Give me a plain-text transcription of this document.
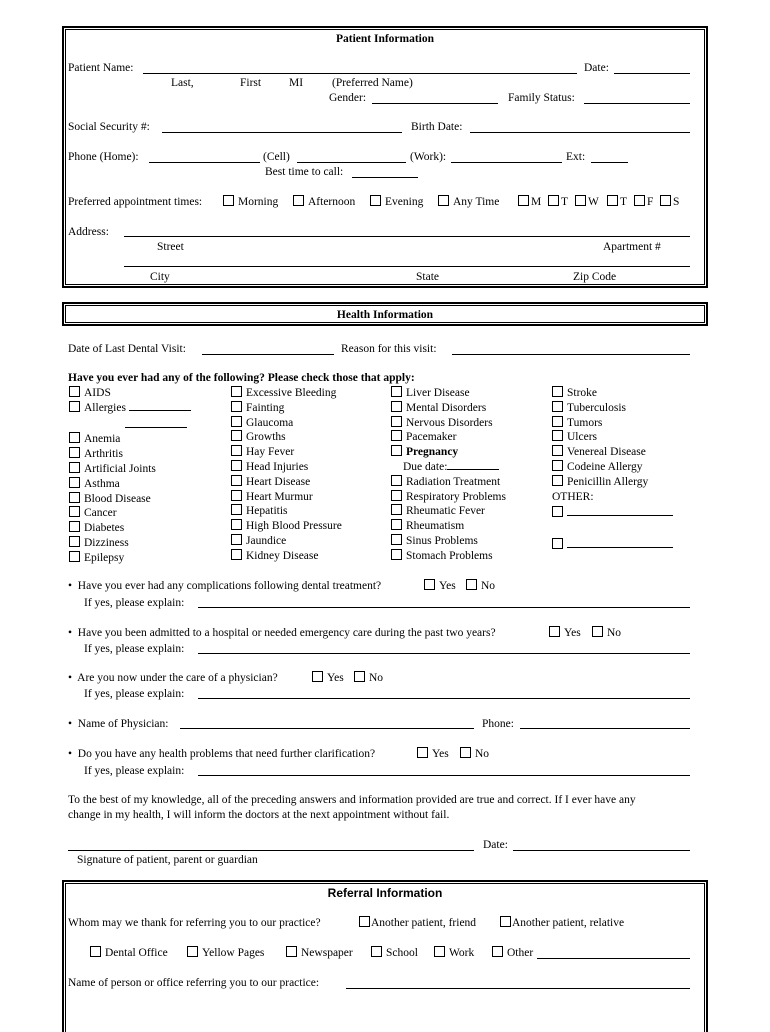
Patient Information
Patient Name:	Date:
Last,	First MI	(Preferred Name)
Gender:	Family Status:
Social Security #:	Birth Date:
Phone (Home):	(Cell)	(Work):	Ext:
Best time to call:
Preferred appointment times:	Morning	Afternoon	Evening	Any Time	M	T	W	T	F	S
Address:
Street	Apartment #
City	State	Zip Code
Health Information
Date of Last Dental Visit:	Reason for this visit:
Have you ever had any of the following? Please check those that apply:
AIDS
Allergies
Anemia
Arthritis
Artificial Joints
Asthma
Blood Disease
Cancer
Diabetes
Dizziness
Epilepsy
Excessive Bleeding
Fainting
Glaucoma
Growths
Hay Fever
Head Injuries
Heart Disease
Heart Murmur
Hepatitis
High Blood Pressure
Jaundice
Kidney Disease
Liver Disease
Mental Disorders
Nervous Disorders
Pacemaker
Pregnancy
Due date:
Radiation Treatment
Respiratory Problems
Rheumatic Fever
Rheumatism
Sinus Problems
Stomach Problems
Stroke
Tuberculosis
Tumors
Ulcers
Venereal Disease
Codeine Allergy
Penicillin Allergy
OTHER:
•  Have you ever had any complications following dental treatment?	Yes	No
If yes, please explain:
•  Have you been admitted to a hospital or needed emergency care during the past two years?	Yes	No
If yes, please explain:
•  Are you now under the care of a physician?	Yes	No
If yes, please explain:
•  Name of Physician:	Phone:
•  Do you have any health problems that need further clarification?	Yes	No
If yes, please explain:
To the best of my knowledge, all of the preceding answers and information provided are true and correct. If I ever have any
change in my health, I will inform the doctors at the next appointment without fail.
Date:
Signature of patient, parent or guardian
Referral Information
Whom may we thank for referring you to our practice?	Another patient, friend	Another patient, relative
Dental Office	Yellow Pages	Newspaper	School	Work	Other
Name of person or office referring you to our practice:
